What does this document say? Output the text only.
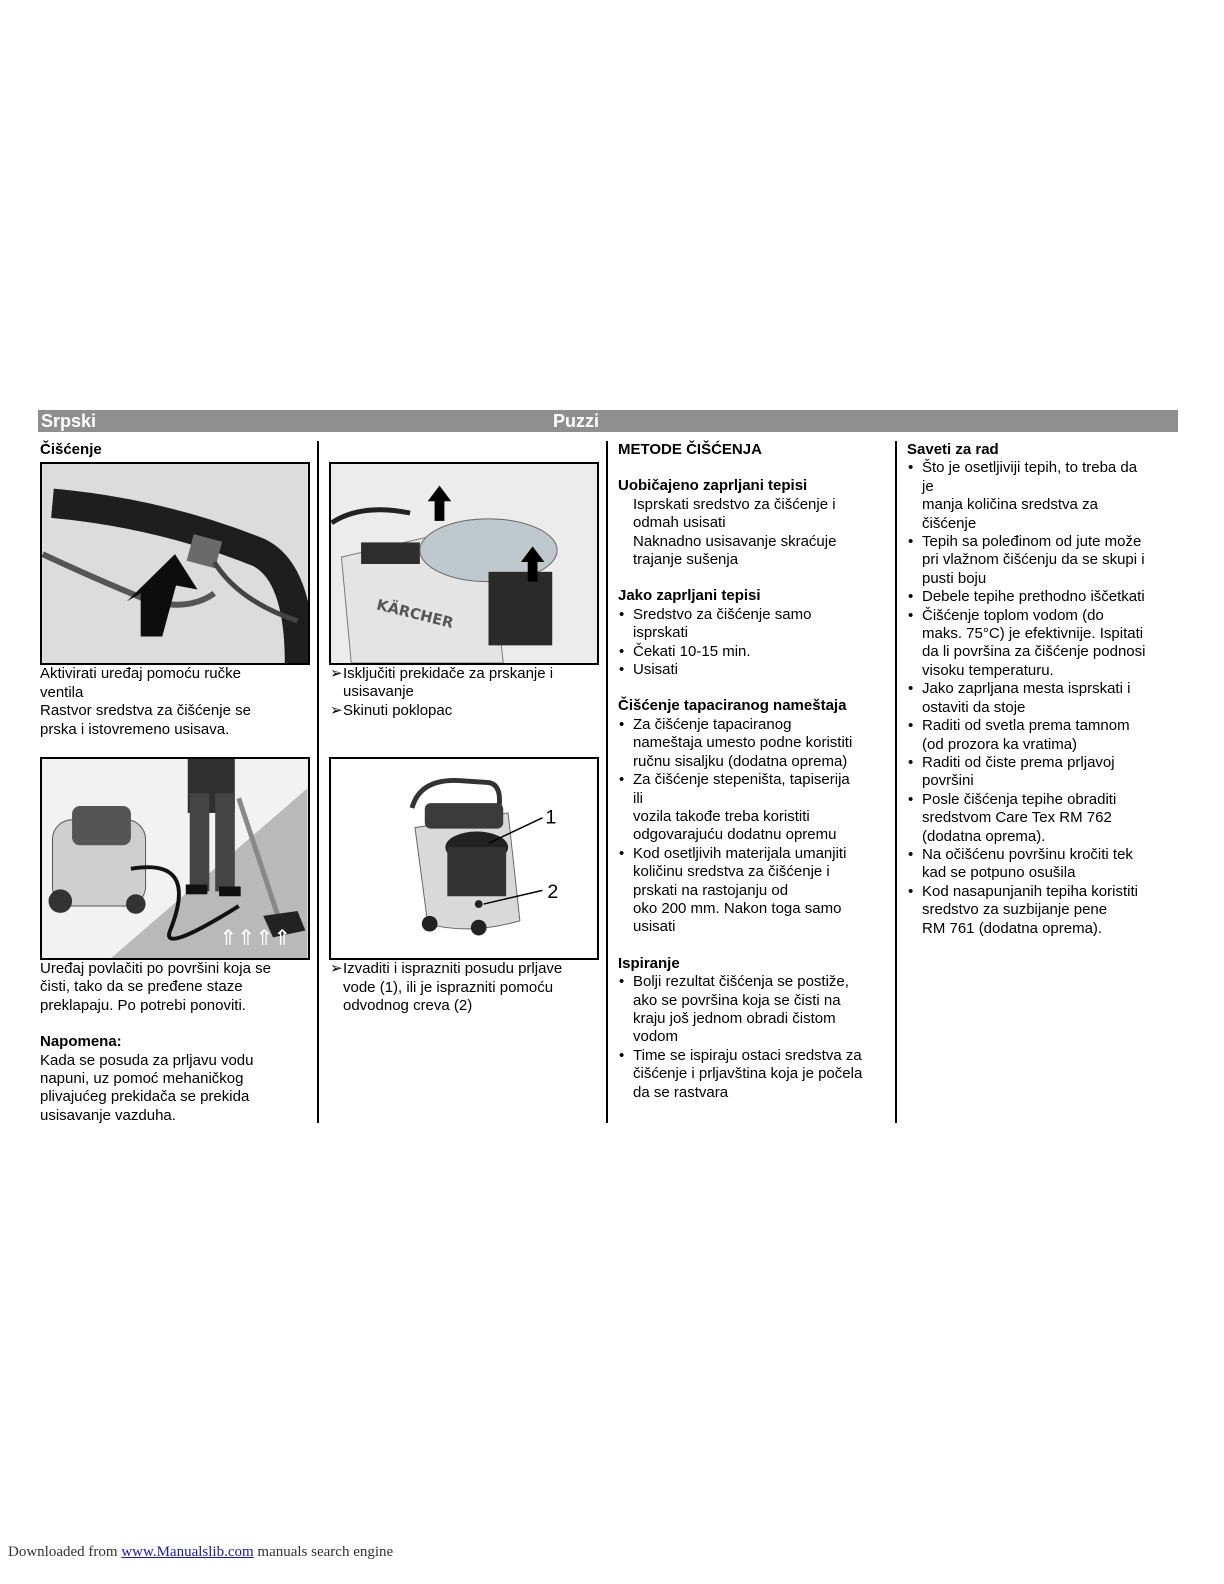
Srpski	Puzzi

Čišćenje

Aktivirati uređaj pomoću ručke

ventila

Rastvor sredstva za čišćenje se

prska i istovremeno usisava.

⇑⇑⇑⇑

Uređaj povlačiti po površini koja se

čisti, tako da se pređene staze

preklapaju. Po potrebi ponoviti.

Napomena:

Kada se posuda za prljavu vodu

napuni, uz pomoć mehaničkog

plivajućeg prekidača se prekida

usisavanje vazduha.

KÄRCHER
➢ Isključiti prekidače za prskanje i
usisavanje
➢ Skinuti poklopac
1
2
➢ Izvaditi i isprazniti posudu prljave
vode (1), ili je isprazniti pomoću
odvodnog creva (2)

METODE ČIŠĆENJA

Uobičajeno zaprljani tepisi

Isprskati sredstvo za čišćenje i

odmah usisati

Naknadno usisavanje skraćuje

trajanje sušenja

Jako zaprljani tepisi

• Sredstvo za čišćenje samo
isprskati
• Čekati 10-15 min.
• Usisati

Čišćenje tapaciranog nameštaja

• Za čišćenje tapaciranog
nameštaja umesto podne koristiti
ručnu sisaljku (dodatna oprema)
• Za čišćenje stepeništa, tapiserija
ili
vozila takođe treba koristiti
odgovarajuću dodatnu opremu
• Kod osetljivih materijala umanjiti
količinu sredstva za čišćenje i
prskati na rastojanju od
oko 200 mm. Nakon toga samo
usisati

Ispiranje

• Bolji rezultat čišćenja se postiže,
ako se površina koja se čisti na
kraju još jednom obradi čistom
vodom
• Time se ispiraju ostaci sredstva za
čišćenje i prljavština koja je počela
da se rastvara

Saveti za rad

• Što je osetljiviji tepih, to treba da
je
manja količina sredstva za
čišćenje
• Tepih sa poleđinom od jute može
pri vlažnom čišćenju da se skupi i
pusti boju
• Debele tepihe prethodno iščetkati
• Čišćenje toplom vodom (do
maks. 75°C) je efektivnije. Ispitati
da li površina za čišćenje podnosi
visoku temperaturu.
• Jako zaprljana mesta isprskati i
ostaviti da stoje
• Raditi od svetla prema tamnom
(od prozora ka vratima)
• Raditi od čiste prema prljavoj
površini
• Posle čišćenja tepihe obraditi
sredstvom Care Tex RM 762
(dodatna oprema).
• Na očišćenu površinu kročiti tek
kad se potpuno osušila
• Kod nasapunjanih tepiha koristiti
sredstvo za suzbijanje pene
RM 761 (dodatna oprema).
Downloaded from www.Manualslib.com manuals search engine
